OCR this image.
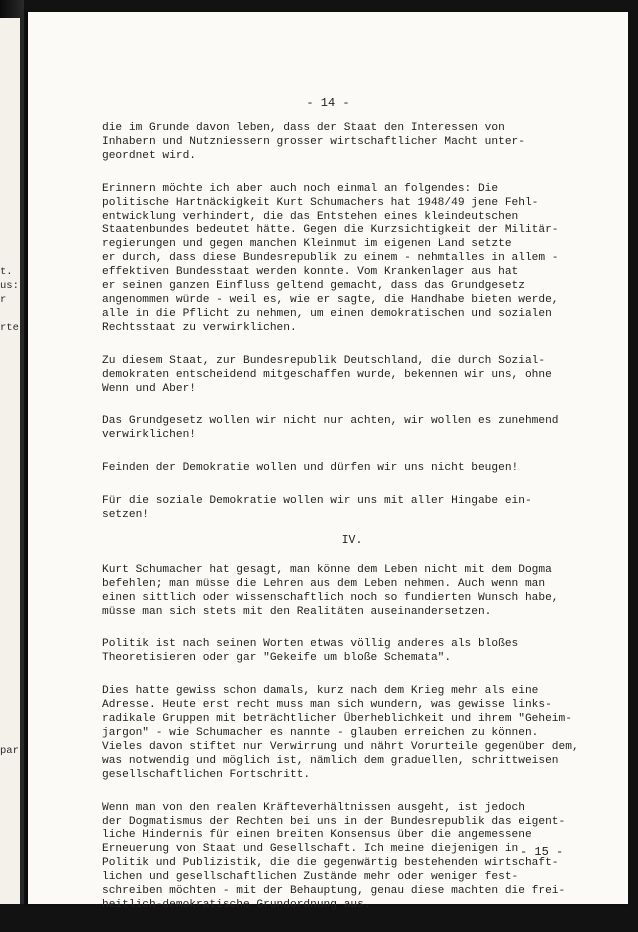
t.
us:
r
rte
par
- 14 -
die im Grunde davon leben, dass der Staat den Interessen von
Inhabern und Nutzniessern grosser wirtschaftlicher Macht unter-
geordnet wird.
Erinnern möchte ich aber auch noch einmal an folgendes: Die
politische Hartnäckigkeit Kurt Schumachers hat 1948/49 jene Fehl-
entwicklung verhindert, die das Entstehen eines kleindeutschen
Staatenbundes bedeutet hätte. Gegen die Kurzsichtigkeit der Militär-
regierungen und gegen manchen Kleinmut im eigenen Land setzte
er durch, dass diese Bundesrepublik zu einem - nehmtalles in allem -
effektiven Bundesstaat werden konnte. Vom Krankenlager aus hat
er seinen ganzen Einfluss geltend gemacht, dass das Grundgesetz
angenommen würde - weil es, wie er sagte, die Handhabe bieten werde,
alle in die Pflicht zu nehmen, um einen demokratischen und sozialen
Rechtsstaat zu verwirklichen.
Zu diesem Staat, zur Bundesrepublik Deutschland, die durch Sozial-
demokraten entscheidend mitgeschaffen wurde, bekennen wir uns, ohne
Wenn und Aber!
Das Grundgesetz wollen wir nicht nur achten, wir wollen es zunehmend
verwirklichen!
Feinden der Demokratie wollen und dürfen wir uns nicht beugen!
Für die soziale Demokratie wollen wir uns mit aller Hingabe ein-
setzen!
IV.
Kurt Schumacher hat gesagt, man könne dem Leben nicht mit dem Dogma
befehlen; man müsse die Lehren aus dem Leben nehmen. Auch wenn man
einen sittlich oder wissenschaftlich noch so fundierten Wunsch habe,
müsse man sich stets mit den Realitäten auseinandersetzen.
Politik ist nach seinen Worten etwas völlig anderes als bloßes
Theoretisieren oder gar "Gekeife um bloße Schemata".
Dies hatte gewiss schon damals, kurz nach dem Krieg mehr als eine
Adresse. Heute erst recht muss man sich wundern, was gewisse links-
radikale Gruppen mit beträchtlicher Überheblichkeit und ihrem "Geheim-
jargon" - wie Schumacher es nannte - glauben erreichen zu können.
Vieles davon stiftet nur Verwirrung und nährt Vorurteile gegenüber dem,
was notwendig und möglich ist, nämlich dem graduellen, schrittweisen
gesellschaftlichen Fortschritt.
Wenn man von den realen Kräfteverhältnissen ausgeht, ist jedoch
der Dogmatismus der Rechten bei uns in der Bundesrepublik das eigent-
liche Hindernis für einen breiten Konsensus über die angemessene
Erneuerung von Staat und Gesellschaft. Ich meine diejenigen in
Politik und Publizistik, die die gegenwärtig bestehenden wirtschaft-
lichen und gesellschaftlichen Zustände mehr oder weniger fest-
schreiben möchten - mit der Behauptung, genau diese machten die frei-
heitlich-demokratische Grundordnung aus.
- 15 -
